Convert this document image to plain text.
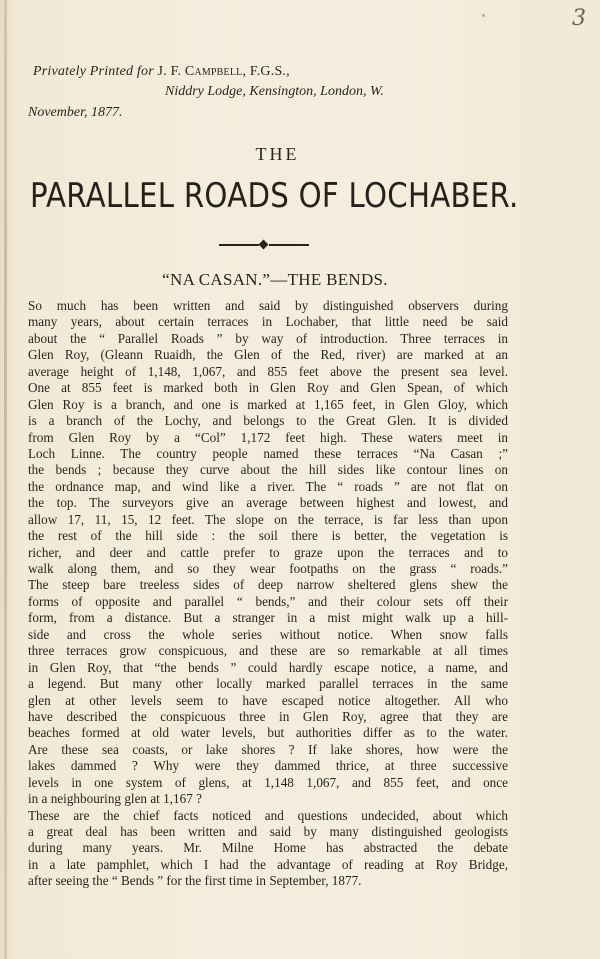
3
Privately Printed for J. F. Campbell, F.G.S.,
Niddry Lodge, Kensington, London, W.
November, 1877.
THE
PARALLEL ROADS OF LOCHABER.
“NA CASAN.”—THE BENDS.
So much has been written and said by distinguished observers during
many years, about certain terraces in Lochaber, that little need be said
about the “ Parallel Roads ” by way of introduction. Three terraces in
Glen Roy, (Gleann Ruaidh, the Glen of the Red, river) are marked at an
average height of 1,148, 1,067, and 855 feet above the present sea level.
One at 855 feet is marked both in Glen Roy and Glen Spean, of which
Glen Roy is a branch, and one is marked at 1,165 feet, in Glen Gloy, which
is a branch of the Lochy, and belongs to the Great Glen. It is divided
from Glen Roy by a “Col” 1,172 feet high. These waters meet in
Loch Linne. The country people named these terraces “Na Casan ;”
the bends ; because they curve about the hill sides like contour lines on
the ordnance map, and wind like a river. The “ roads ” are not flat on
the top. The surveyors give an average between highest and lowest, and
allow 17, 11, 15, 12 feet. The slope on the terrace, is far less than upon
the rest of the hill side : the soil there is better, the vegetation is
richer, and deer and cattle prefer to graze upon the terraces and to
walk along them, and so they wear footpaths on the grass “ roads.”
The steep bare treeless sides of deep narrow sheltered glens shew the
forms of opposite and parallel “ bends,” and their colour sets off their
form, from a distance. But a stranger in a mist might walk up a hill-
side and cross the whole series without notice. When snow falls
three terraces grow conspicuous, and these are so remarkable at all times
in Glen Roy, that “the bends ” could hardly escape notice, a name, and
a legend. But many other locally marked parallel terraces in the same
glen at other levels seem to have escaped notice altogether. All who
have described the conspicuous three in Glen Roy, agree that they are
beaches formed at old water levels, but authorities differ as to the water.
Are these sea coasts, or lake shores ? If lake shores, how were the
lakes dammed ? Why were they dammed thrice, at three successive
levels in one system of glens, at 1,148 1,067, and 855 feet, and once
in a neighbouring glen at 1,167 ?
These are the chief facts noticed and questions undecided, about which
a great deal has been written and said by many distinguished geologists
during many years. Mr. Milne Home has abstracted the debate
in a late pamphlet, which I had the advantage of reading at Roy Bridge,
after seeing the “ Bends ” for the first time in September, 1877.
